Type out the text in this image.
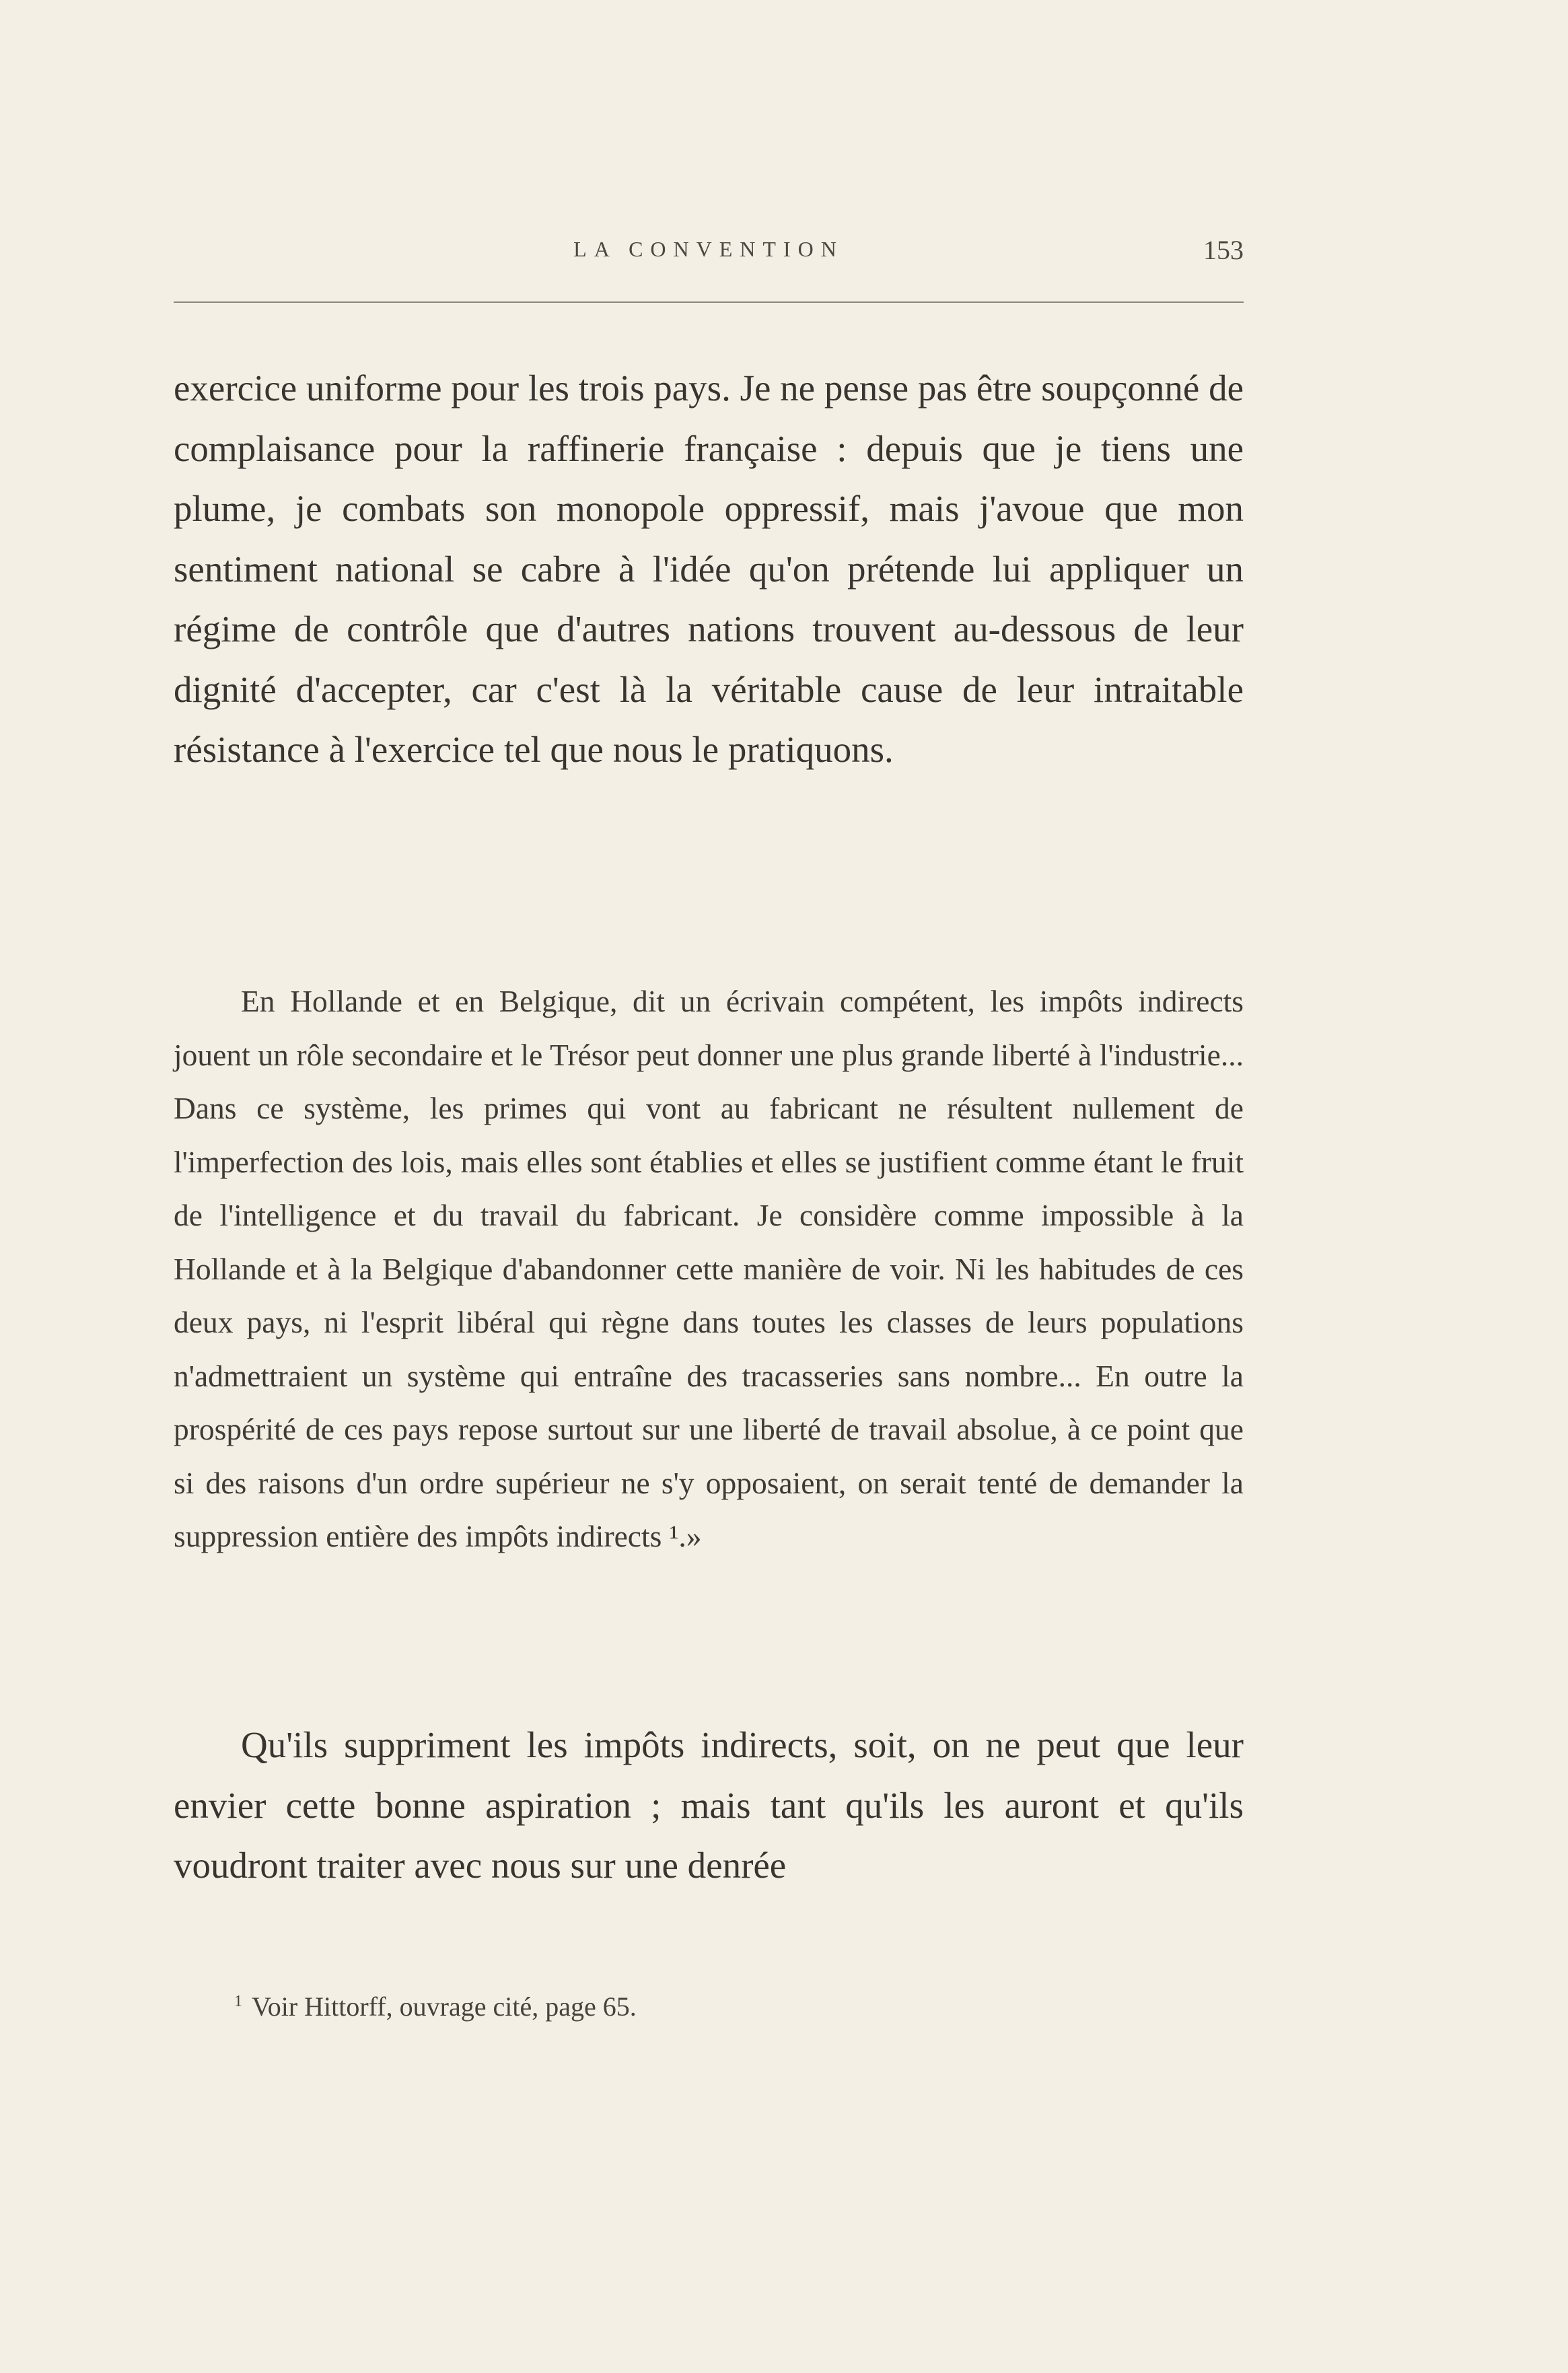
LA CONVENTION	153

exercice uniforme pour les trois pays. Je ne pense pas être soupçonné de complaisance pour la raffinerie française : depuis que je tiens une plume, je combats son monopole oppressif, mais j'avoue que mon sentiment national se cabre à l'idée qu'on prétende lui appliquer un régime de contrôle que d'autres nations trouvent au-dessous de leur dignité d'accepter, car c'est là la véritable cause de leur intraitable résistance à l'exercice tel que nous le pratiquons.

En Hollande et en Belgique, dit un écrivain compétent, les impôts indirects jouent un rôle secondaire et le Trésor peut donner une plus grande liberté à l'industrie... Dans ce système, les primes qui vont au fabricant ne résultent nullement de l'imperfection des lois, mais elles sont établies et elles se justifient comme étant le fruit de l'intelligence et du travail du fabricant. Je considère comme impossible à la Hollande et à la Belgique d'abandonner cette manière de voir. Ni les habitudes de ces deux pays, ni l'esprit libéral qui règne dans toutes les classes de leurs populations n'admettraient un système qui entraîne des tracasseries sans nombre... En outre la prospérité de ces pays repose surtout sur une liberté de travail absolue, à ce point que si des raisons d'un ordre supérieur ne s'y opposaient, on serait tenté de demander la suppression entière des impôts indirects ¹.»

Qu'ils suppriment les impôts indirects, soit, on ne peut que leur envier cette bonne aspiration ; mais tant qu'ils les auront et qu'ils voudront traiter avec nous sur une denrée

$^1$ Voir Hittorff, ouvrage cité, page 65.
